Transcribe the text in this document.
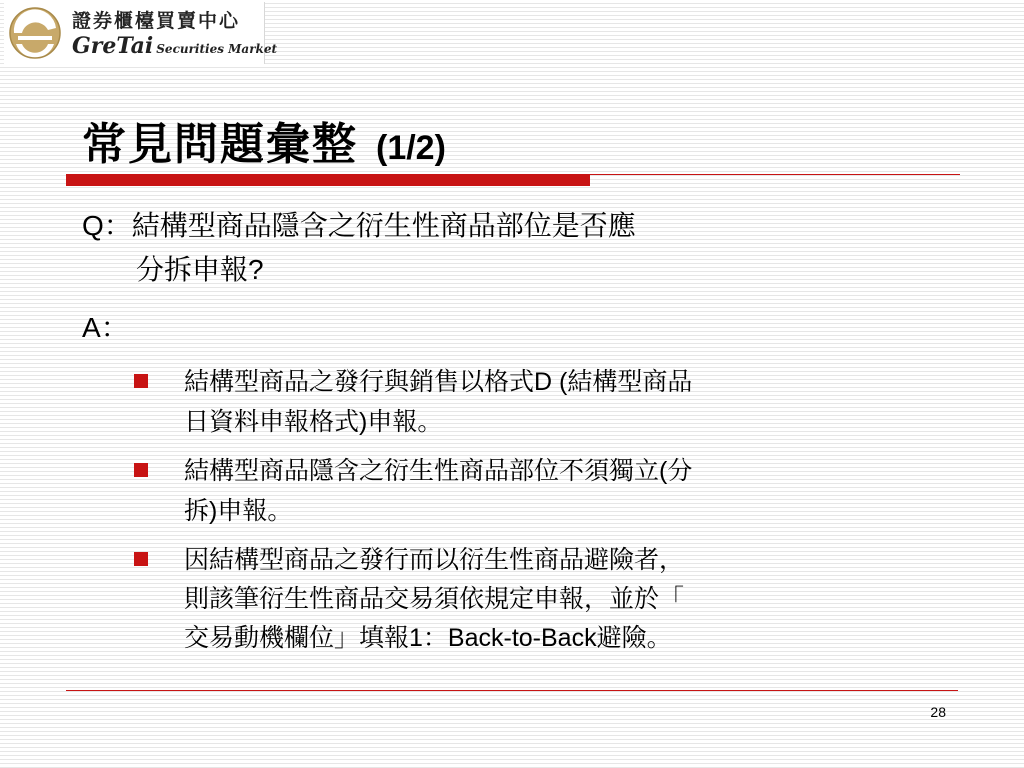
證券櫃檯買賣中心
GreTai Securities Market
常見問題彙整 (1/2)
Q：結構型商品隱含之衍生性商品部位是否應
分拆申報?
A：
結構型商品之發行與銷售以格式D (結構型商品
日資料申報格式)申報。
結構型商品隱含之衍生性商品部位不須獨立(分
拆)申報。
因結構型商品之發行而以衍生性商品避險者，
則該筆衍生性商品交易須依規定申報，並於「
交易動機欄位」填報1：Back-to-Back避險。
28
